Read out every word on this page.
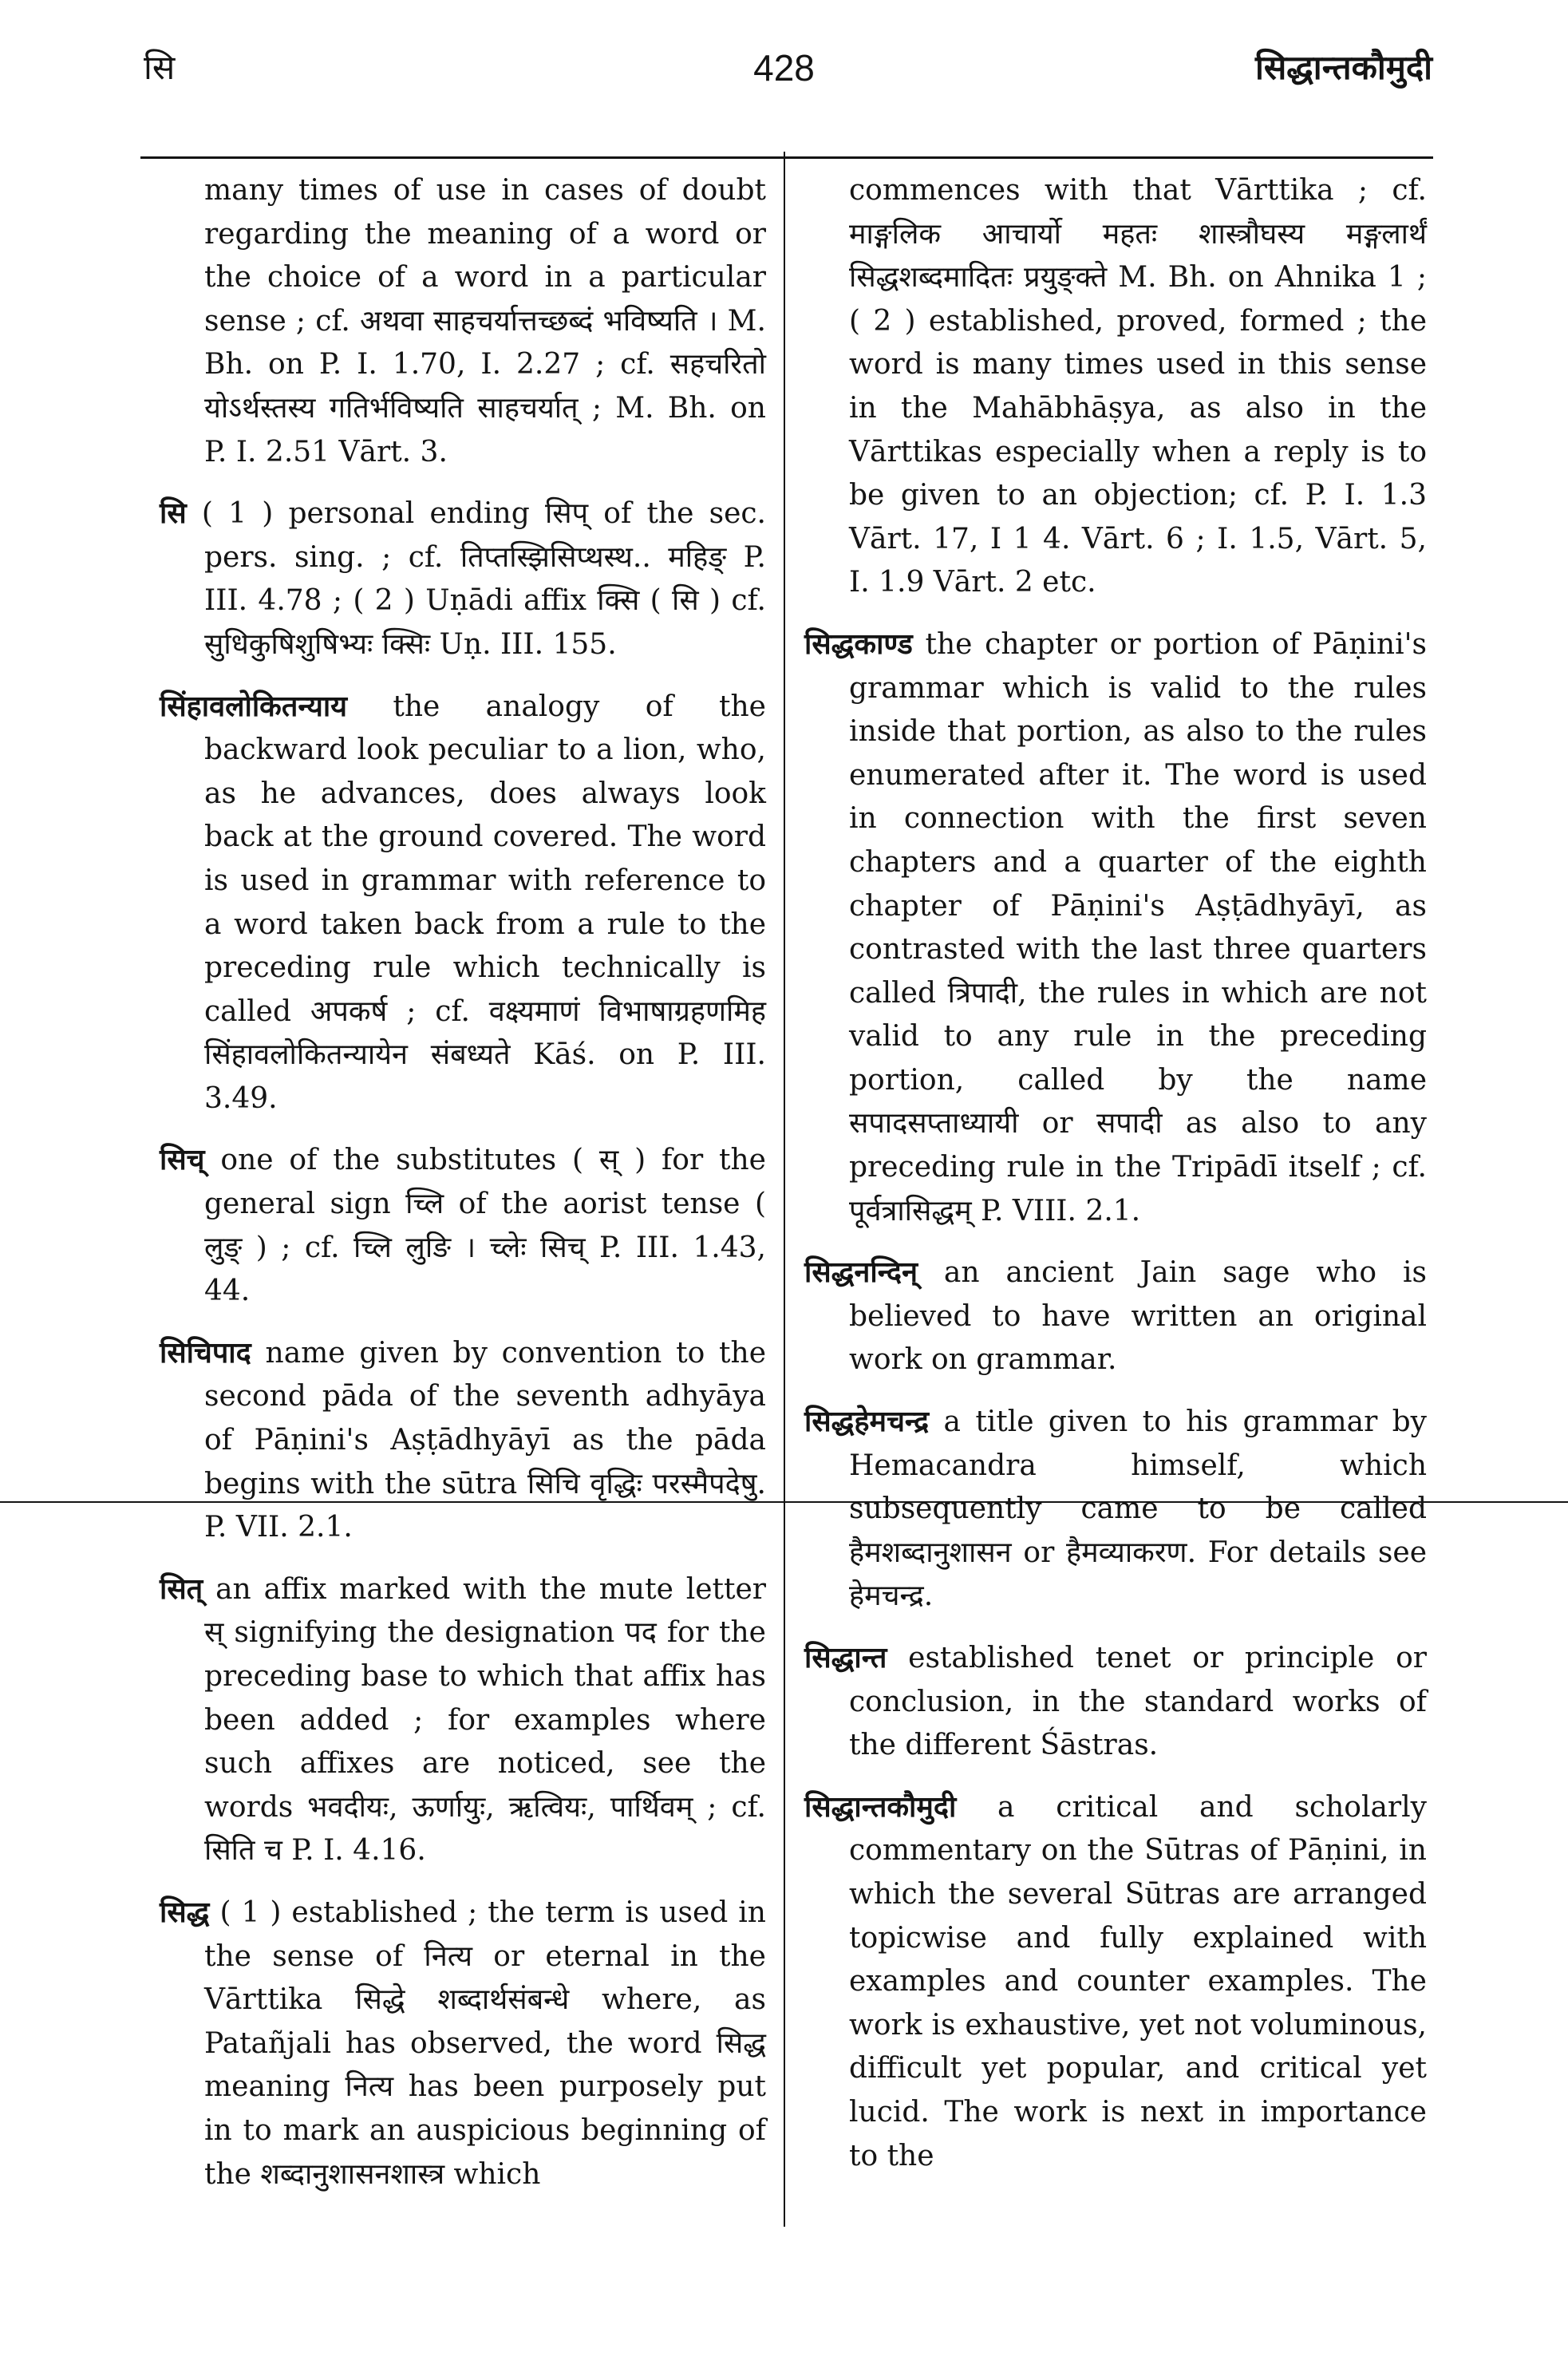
सि	428	सिद्धान्तकौमुदी

many times of use in cases of doubt regarding the meaning of a word or the choice of a word in a particular sense ; cf. अथवा साहचर्यात्तच्छब्दं भविष्यति । M. Bh. on P. I. 1.70, I. 2.27 ; cf. सहचरितो योऽर्थस्तस्य गतिर्भविष्यति साहचर्यात् ; M. Bh. on P. I. 2.51 Vārt. 3.

सि ( 1 ) personal ending सिप् of the sec. pers. sing. ; cf. तिप्तस्झिसिप्थस्थ.. महिङ् P. III. 4.78 ; ( 2 ) Uṇādi affix क्सि ( सि ) cf. सुधिकुषिशुषिभ्यः क्सिः Uṇ. III. 155.

सिंहावलोकितन्याय the analogy of the backward look peculiar to a lion, who, as he advances, does always look back at the ground covered. The word is used in grammar with reference to a word taken back from a rule to the preceding rule which technically is called अपकर्ष ; cf. वक्ष्यमाणं विभाषाग्रहणमिह सिंहावलोकितन्यायेन संबध्यते Kāś. on P. III. 3.49.

सिच् one of the substitutes ( स् ) for the general sign च्लि of the aorist tense ( लुङ् ) ; cf. च्लि लुङि । च्लेः सिच् P. III. 1.43, 44.

सिचिपाद name given by convention to the second pāda of the seventh adhyāya of Pāṇini's Aṣṭādhyāyī as the pāda begins with the sūtra सिचि वृद्धिः परस्मैपदेषु. P. VII. 2.1.

सित् an affix marked with the mute letter स् signifying the designation पद for the preceding base to which that affix has been added ; for examples where such affixes are noticed, see the words भवदीयः, ऊर्णायुः, ऋत्वियः, पार्थिवम् ; cf. सिति च P. I. 4.16.

सिद्ध ( 1 ) established ; the term is used in the sense of नित्य or eternal in the Vārttika सिद्धे शब्दार्थसंबन्धे where, as Patañjali has observed, the word सिद्ध meaning नित्य has been purposely put in to mark an auspicious beginning of the शब्दानुशासनशास्त्र which

commences with that Vārttika ; cf. माङ्गलिक आचार्यो महतः शास्त्रौघस्य मङ्गलार्थं सिद्धशब्दमादितः प्रयुङ्क्ते M. Bh. on Ahnika 1 ; ( 2 ) established, proved, formed ; the word is many times used in this sense in the Mahābhāṣya, as also in the Vārttikas especially when a reply is to be given to an objection; cf. P. I. 1.3 Vārt. 17, I 1 4. Vārt. 6 ; I. 1.5, Vārt. 5, I. 1.9 Vārt. 2 etc.

सिद्धकाण्ड the chapter or portion of Pāṇini's grammar which is valid to the rules inside that portion, as also to the rules enumerated after it. The word is used in connection with the first seven chapters and a quarter of the eighth chapter of Pāṇini's Aṣṭādhyāyī, as contrasted with the last three quarters called त्रिपादी, the rules in which are not valid to any rule in the preceding portion, called by the name सपादसप्ताध्यायी or सपादी as also to any preceding rule in the Tripādī itself ; cf. पूर्वत्रासिद्धम् P. VIII. 2.1.

सिद्धनन्दिन् an ancient Jain sage who is believed to have written an original work on grammar.

सिद्धहेमचन्द्र a title given to his grammar by Hemacandra himself, which subsequently came to be called हैमशब्दानुशासन or हैमव्याकरण. For details see हेमचन्द्र.

सिद्धान्त established tenet or principle or conclusion, in the standard works of the different Śāstras.

सिद्धान्तकौमुदी a critical and scholarly commentary on the Sūtras of Pāṇini, in which the several Sūtras are arranged topicwise and fully explained with examples and counter examples. The work is exhaustive, yet not voluminous, difficult yet popular, and critical yet lucid. The work is next in importance to the
